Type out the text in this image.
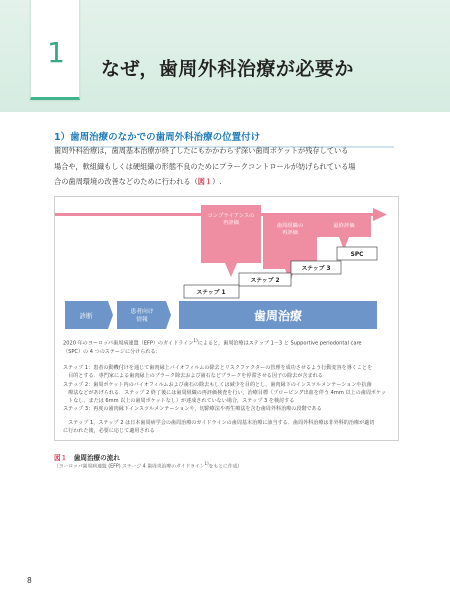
1	なぜ，歯周外科治療が必要か
1）歯周治療のなかでの歯周外科治療の位置付け
歯周外科治療は，歯周基本治療が終了したにもかかわらず深い歯周ポケットが残存している
場合や，軟組織もしくは硬組織の形態不良のためにプラークコントロールが妨げられている場
合の歯周環境の改善などのために行われる（図１）.
コンプライアンスの
再評価	歯周組織の
再評価
最終評価
SPC
ステップ 3
ステップ 2
ステップ 1
診断	患者向け
情報	歯周治療
2020 年のヨーロッパ歯周病連盟（EFP）のガイドライン$^{1)}$によると，歯周治療はステップ 1〜3 と Supportive periodontal care
（SPC）の 4 つのステージに分けられる：
ステップ 1：患者の動機付けを通じて歯肉縁上バイオフィルムの除去とリスクファクターの管理を成功させるよう行動変容を導くことを
　目的とする．専門家による歯肉縁上のプラーク除去および歯石などプラークを停滞させる因子の除去が含まれる
ステップ 2：歯周ポケット内のバイオフィルムおよび歯石の除去もしくは減少を目的とし，歯肉縁下のインスツルメンテーションや抗菌
　療法などがあげられる．ステップ 2 終了後には歯周組織の再評価検査を行い，治療目標（プロービング出血を伴う 4mm 以上の歯周ポケッ
　トなし，または 6mm 以上の歯周ポケットなし）が達成されていない場合，ステップ 3 を検討する
ステップ 3：再度の歯肉縁下インスツルメンテーションや，切除療法や再生療法を含む歯周外科治療の段階である
　ステップ 1，ステップ 2 は日本歯周病学会の歯周治療のガイドラインの歯周基本治療に該当する．歯周外科治療は非外科的治療が適切
に行われた後，必要に応じて適用される
図１　 歯周治療の流れ
（ヨーロッパ歯周病連盟 (EFP) ステージ 4 歯周炎治療のガイドライン$^{1)}$をもとに作成）
8
